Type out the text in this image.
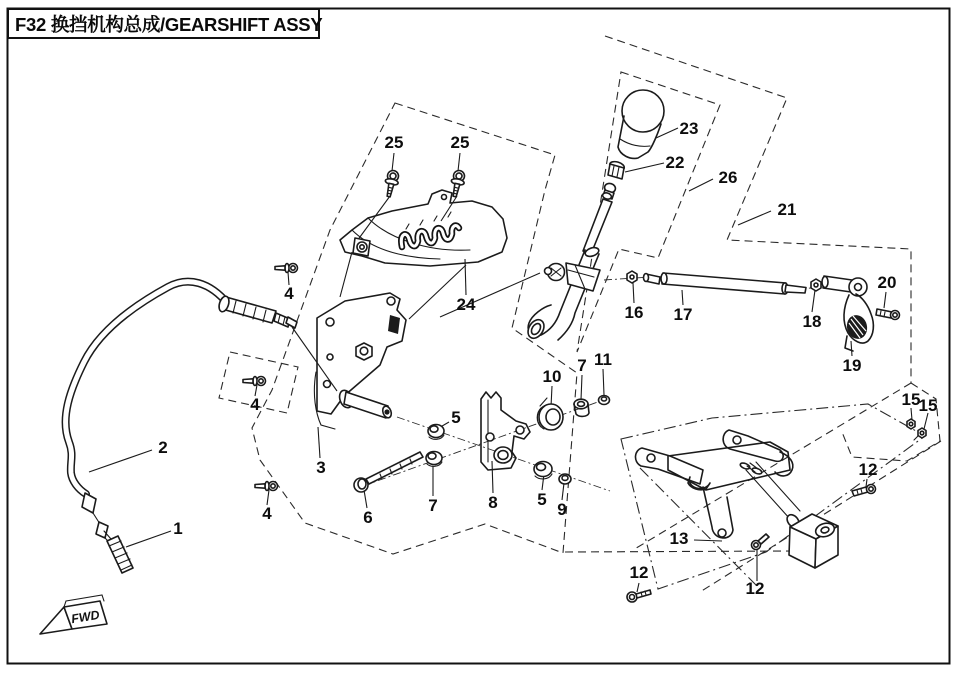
FWD
1
2
3
4
4
4
5
5
6
7
7
8	9
10
11
12
12
12
13
15
15
16 17	18
19
20
21
22
23
24
25	25
26
F32 换挡机构总成/GEARSHIFT ASSY
